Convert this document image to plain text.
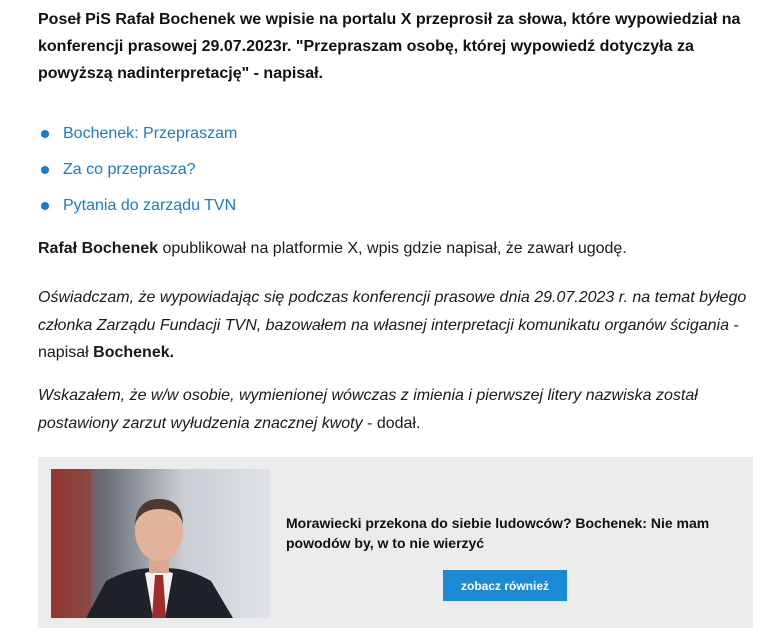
Poseł PiS Rafał Bochenek we wpisie na portalu X przeprosił za słowa, które wypowiedział na konferencji prasowej 29.07.2023r. "Przepraszam osobę, której wypowiedź dotyczyła za powyższą nadinterpretację" - napisał.

Bochenek: Przepraszam
Za co przeprasza?
Pytania do zarządu TVN

Rafał Bochenek opublikował na platformie X, wpis gdzie napisał, że zawarł ugodę.

Oświadczam, że wypowiadając się podczas konferencji prasowe dnia 29.07.2023 r. na temat byłego członka Zarządu Fundacji TVN, bazowałem na własnej interpretacji komunikatu organów ścigania - napisał Bochenek.

Wskazałem, że w/w osobie, wymienionej wówczas z imienia i pierwszej litery nazwiska został postawiony zarzut wyłudzenia znacznej kwoty - dodał.

Morawiecki przekona do siebie ludowców? Bochenek: Nie mam powodów by, w to nie wierzyć

zobacz również
